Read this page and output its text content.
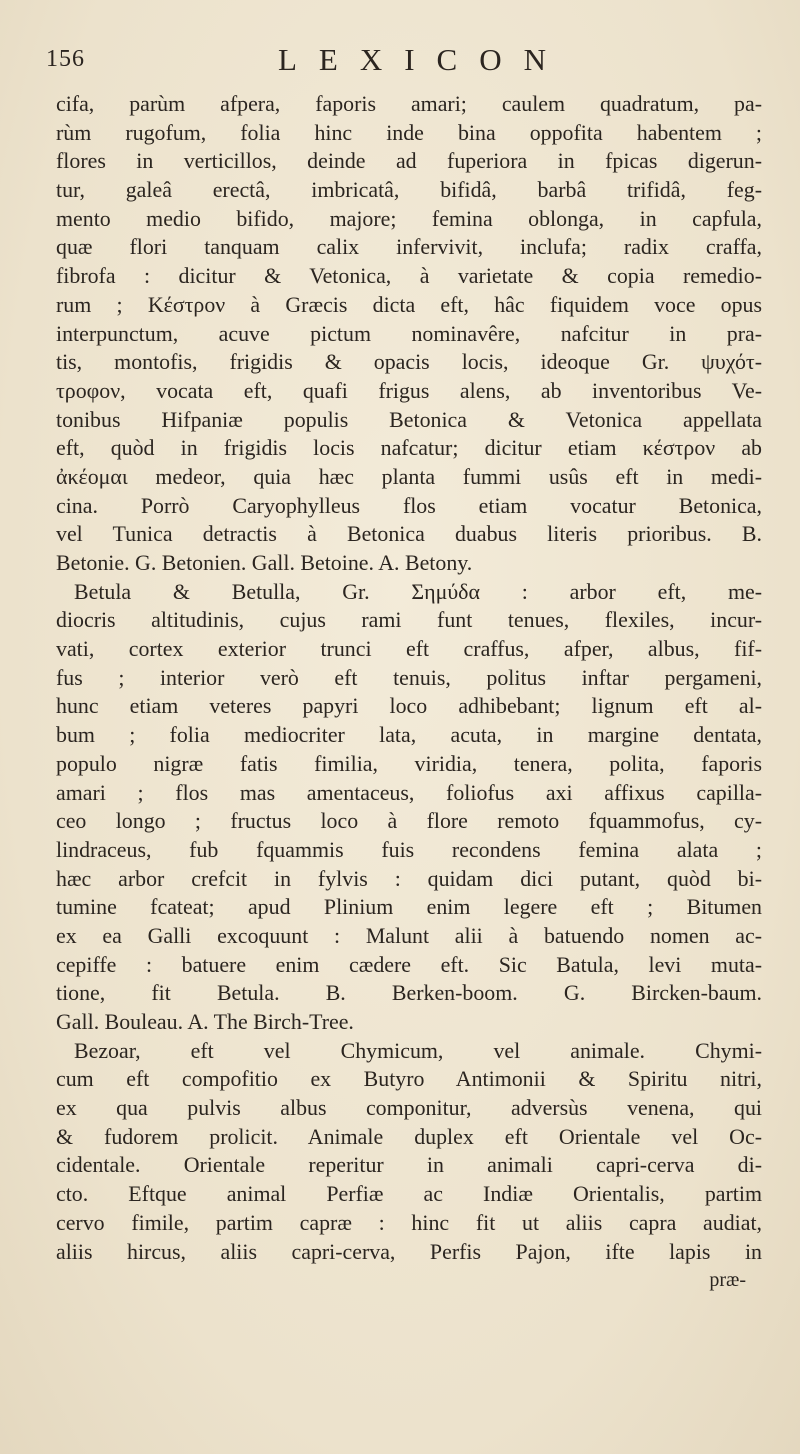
156	LEXICON
cifa, parùm afpera, faporis amari; caulem quadratum, pa-
rùm rugofum, folia hinc inde bina oppofita habentem ;
flores in verticillos, deinde ad fuperiora in fpicas digerun-
tur, galeâ erectâ, imbricatâ, bifidâ, barbâ trifidâ, feg-
mento medio bifido, majore; femina oblonga, in capfula,
quæ flori tanquam calix infervivit, inclufa; radix craffa,
fibrofa : dicitur & Vetonica, à varietate & copia remedio-
rum ; Κέστρον à Græcis dicta eft, hâc fiquidem voce opus
interpunctum, acuve pictum nominavêre, nafcitur in pra-
tis, montofis, frigidis & opacis locis, ideoque Gr. ψυχότ-
τροφον, vocata eft, quafi frigus alens, ab inventoribus Ve-
tonibus Hifpaniæ populis Betonica & Vetonica appellata
eft, quòd in frigidis locis nafcatur; dicitur etiam κέστρον ab
ἀκέομαι medeor, quia hæc planta fummi usûs eft in medi-
cina. Porrò Caryophylleus flos etiam vocatur Betonica,
vel Tunica detractis à Betonica duabus literis prioribus. B.
Betonie. G. Betonien. Gall. Betoine. A. Betony.
Betula & Betulla, Gr. Σημύδα : arbor eft, me-
diocris altitudinis, cujus rami funt tenues, flexiles, incur-
vati, cortex exterior trunci eft craffus, afper, albus, fif-
fus ; interior verò eft tenuis, politus inftar pergameni,
hunc etiam veteres papyri loco adhibebant; lignum eft al-
bum ; folia mediocriter lata, acuta, in margine dentata,
populo nigræ fatis fimilia, viridia, tenera, polita, faporis
amari ; flos mas amentaceus, foliofus axi affixus capilla-
ceo longo ; fructus loco à flore remoto fquammofus, cy-
lindraceus, fub fquammis fuis recondens femina alata ;
hæc arbor crefcit in fylvis : quidam dici putant, quòd bi-
tumine fcateat; apud Plinium enim legere eft ; Bitumen
ex ea Galli excoquunt : Malunt alii à batuendo nomen ac-
cepiffe : batuere enim cædere eft. Sic Batula, levi muta-
tione, fit Betula. B. Berken-boom. G. Bircken-baum.
Gall. Bouleau. A. The Birch-Tree.
Bezoar, eft vel Chymicum, vel animale. Chymi-
cum eft compofitio ex Butyro Antimonii & Spiritu nitri,
ex qua pulvis albus componitur, adversùs venena, qui
& fudorem prolicit. Animale duplex eft Orientale vel Oc-
cidentale. Orientale reperitur in animali capri-cerva di-
cto. Eftque animal Perfiæ ac Indiæ Orientalis, partim
cervo fimile, partim capræ : hinc fit ut aliis capra audiat,
aliis hircus, aliis capri-cerva, Perfis Pajon, ifte lapis in
præ-
